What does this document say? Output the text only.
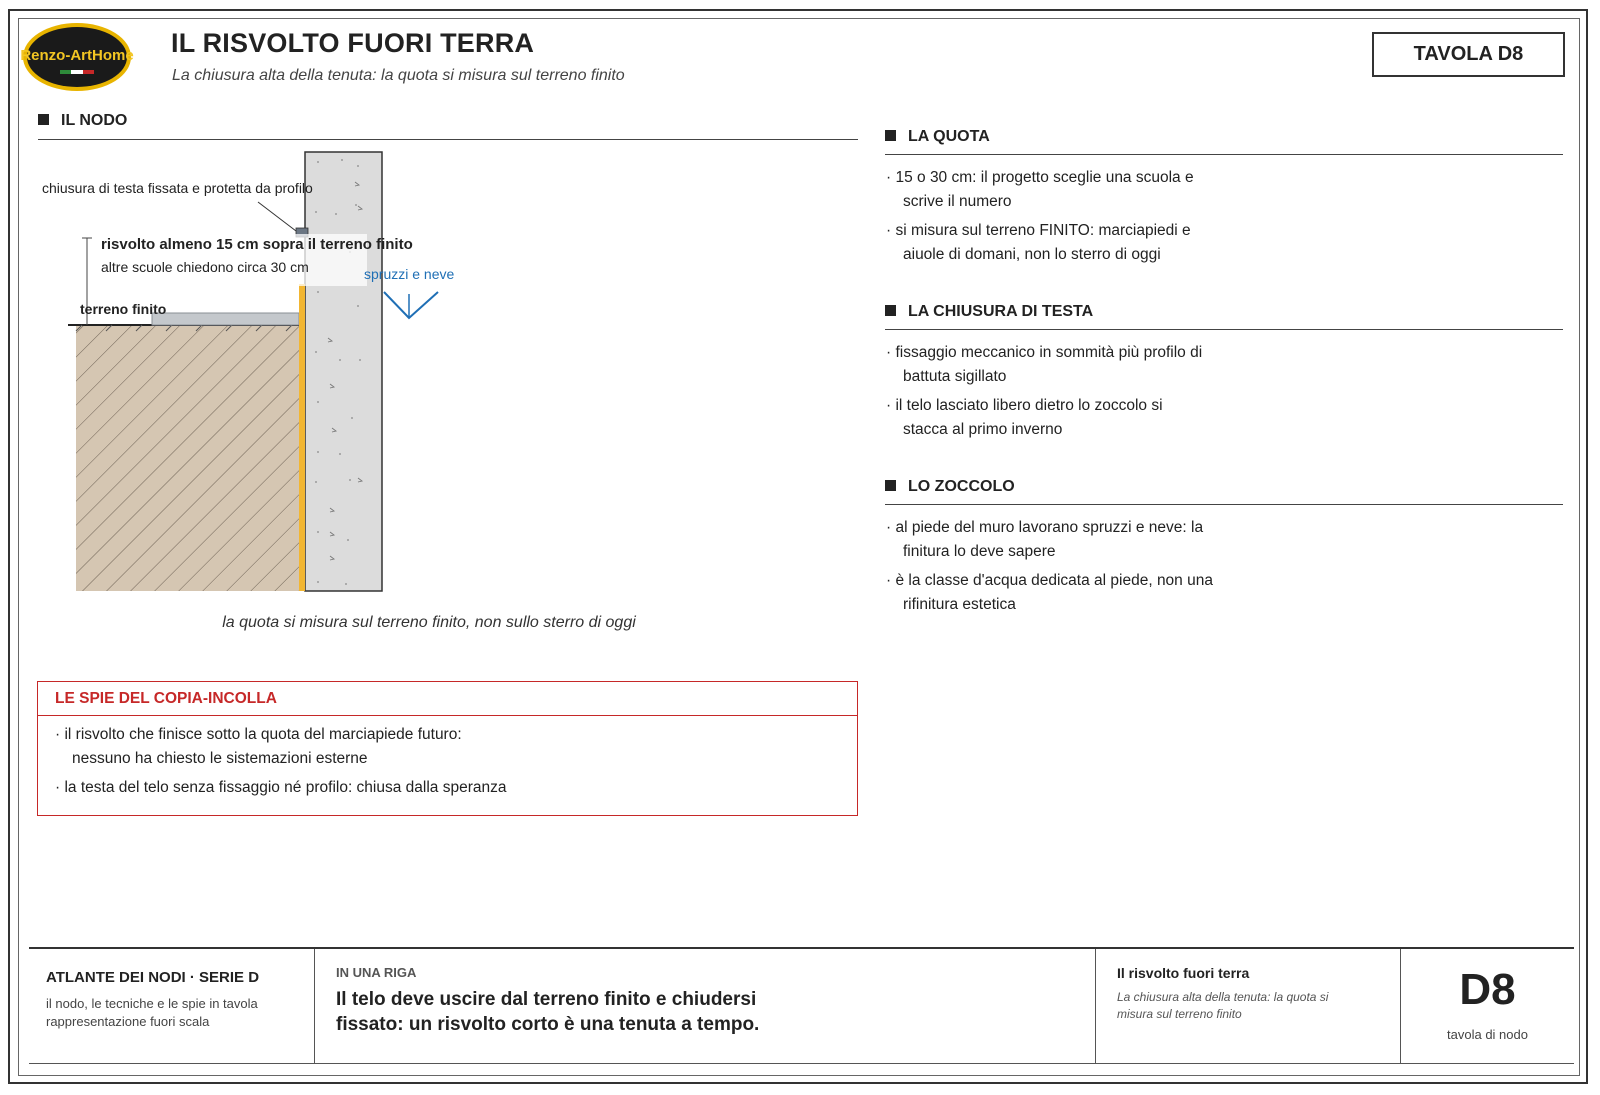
Renzo-ArtHome IL RISVOLTO FUORI TERRA
La chiusura alta della tenuta: la quota si misura sul terreno finito
TAVOLA D8
IL NODO
chiusura di testa fissata e protetta da profilo
risvolto almeno 15 cm sopra il terreno finito
altre scuole chiedono circa 30 cm	spruzzi e neve
terreno finito
la quota si misura sul terreno finito, non sullo sterro di oggi
LE SPIE DEL COPIA-INCOLLA
· il risvolto che finisce sotto la quota del marciapiede futuro:
nessuno ha chiesto le sistemazioni esterne
· la testa del telo senza fissaggio né profilo: chiusa dalla speranza
LA QUOTA
· 15 o 30 cm: il progetto sceglie una scuola e
scrive il numero
· si misura sul terreno FINITO: marciapiedi e
aiuole di domani, non lo sterro di oggi
LA CHIUSURA DI TESTA
· fissaggio meccanico in sommità più profilo di
battuta sigillato
· il telo lasciato libero dietro lo zoccolo si
stacca al primo inverno
LO ZOCCOLO
· al piede del muro lavorano spruzzi e neve: la
finitura lo deve sapere
· è la classe d'acqua dedicata al piede, non una
rifinitura estetica
ATLANTE DEI NODI · SERIE D
il nodo, le tecniche e le spie in tavola rappresentazione fuori scala
IN UNA RIGA
Il telo deve uscire dal terreno finito e chiudersi fissato: un risvolto corto è una tenuta a tempo.
Il risvolto fuori terra
La chiusura alta della tenuta: la quota si misura sul terreno finito	D8
tavola di nodo
